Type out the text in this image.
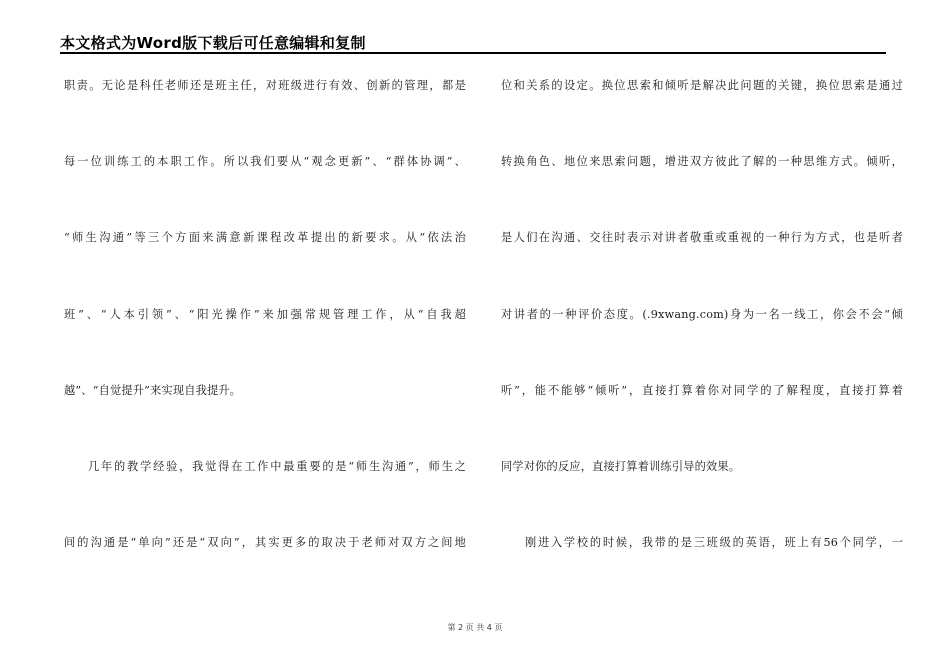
本文格式为Word版下载后可任意编辑和复制
职责。无论是科任老师还是班主任，对班级进行有效、创新的管理，都是
每一位训练工的本职工作。所以我们要从“观念更新”、“群体协调”、
“师生沟通”等三个方面来满意新课程改革提出的新要求。从“依法治
班”、“人本引领”、“阳光操作”来加强常规管理工作，从“自我超
越”、“自觉提升”来实现自我提升。
几年的教学经验，我觉得在工作中最重要的是“师生沟通”，师生之
间的沟通是“单向”还是“双向”，其实更多的取决于老师对双方之间地
位和关系的设定。换位思索和倾听是解决此问题的关键，换位思索是通过
转换角色、地位来思索问题，增进双方彼此了解的一种思维方式。倾听，
是人们在沟通、交往时表示对讲者敬重或重视的一种行为方式，也是听者
对讲者的一种评价态度。(.9xwang.com)身为一名一线工，你会不会“倾
听”，能不能够“倾听”，直接打算着你对同学的了解程度，直接打算着
同学对你的反应，直接打算着训练引导的效果。
刚进入学校的时候，我带的是三班级的英语，班上有56个同学，一
第 2 页 共 4 页
